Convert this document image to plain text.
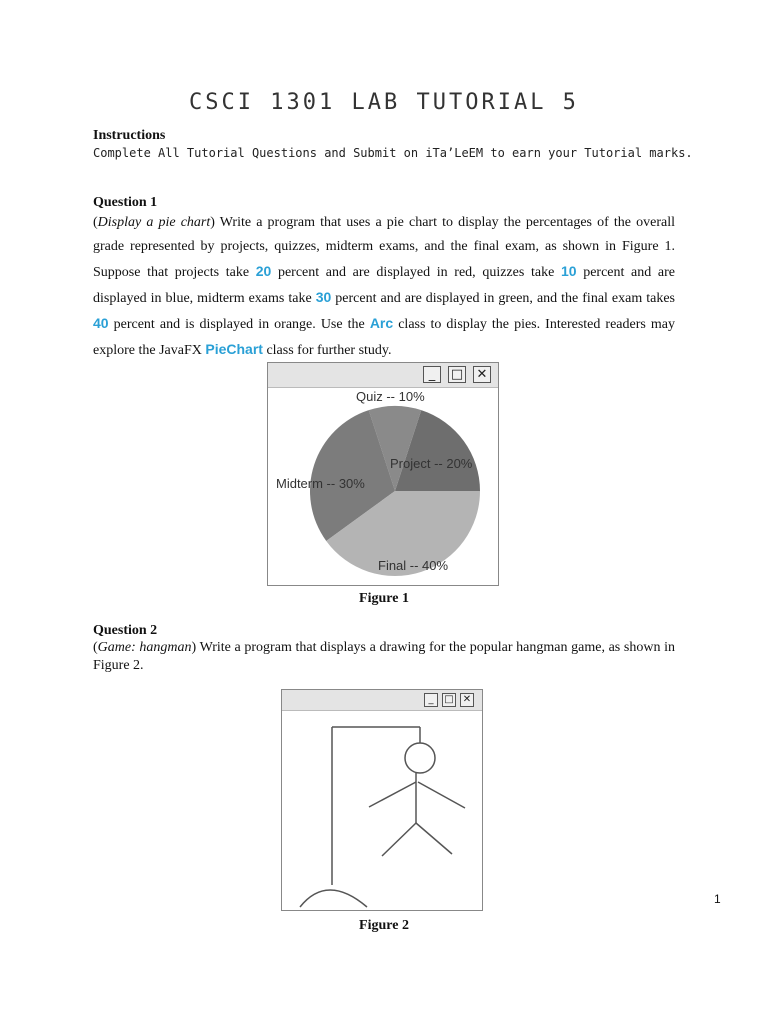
CSCI 1301 LAB TUTORIAL 5
Instructions
Complete All Tutorial Questions and Submit on iTa’LeEM to earn your Tutorial marks.
Question 1
(Display a pie chart) Write a program that uses a pie chart to display the percentages of the overall grade represented by projects, quizzes, midterm exams, and the final exam, as shown in Figure 1. Suppose that projects take 20 percent and are displayed in red, quizzes take 10 percent and are displayed in blue, midterm exams take 30 percent and are displayed in green, and the final exam takes 40 percent and is displayed in orange. Use the Arc class to display the pies. Interested readers may explore the JavaFX PieChart class for further study.
_	□ ✕
Project -- 20%
Quiz -- 10%
Midterm -- 30%
Final -- 40%
Figure 1
Question 2
(Game: hangman) Write a program that displays a drawing for the popular hangman game, as shown in Figure 2.
_	□ ✕
Figure 2
1
